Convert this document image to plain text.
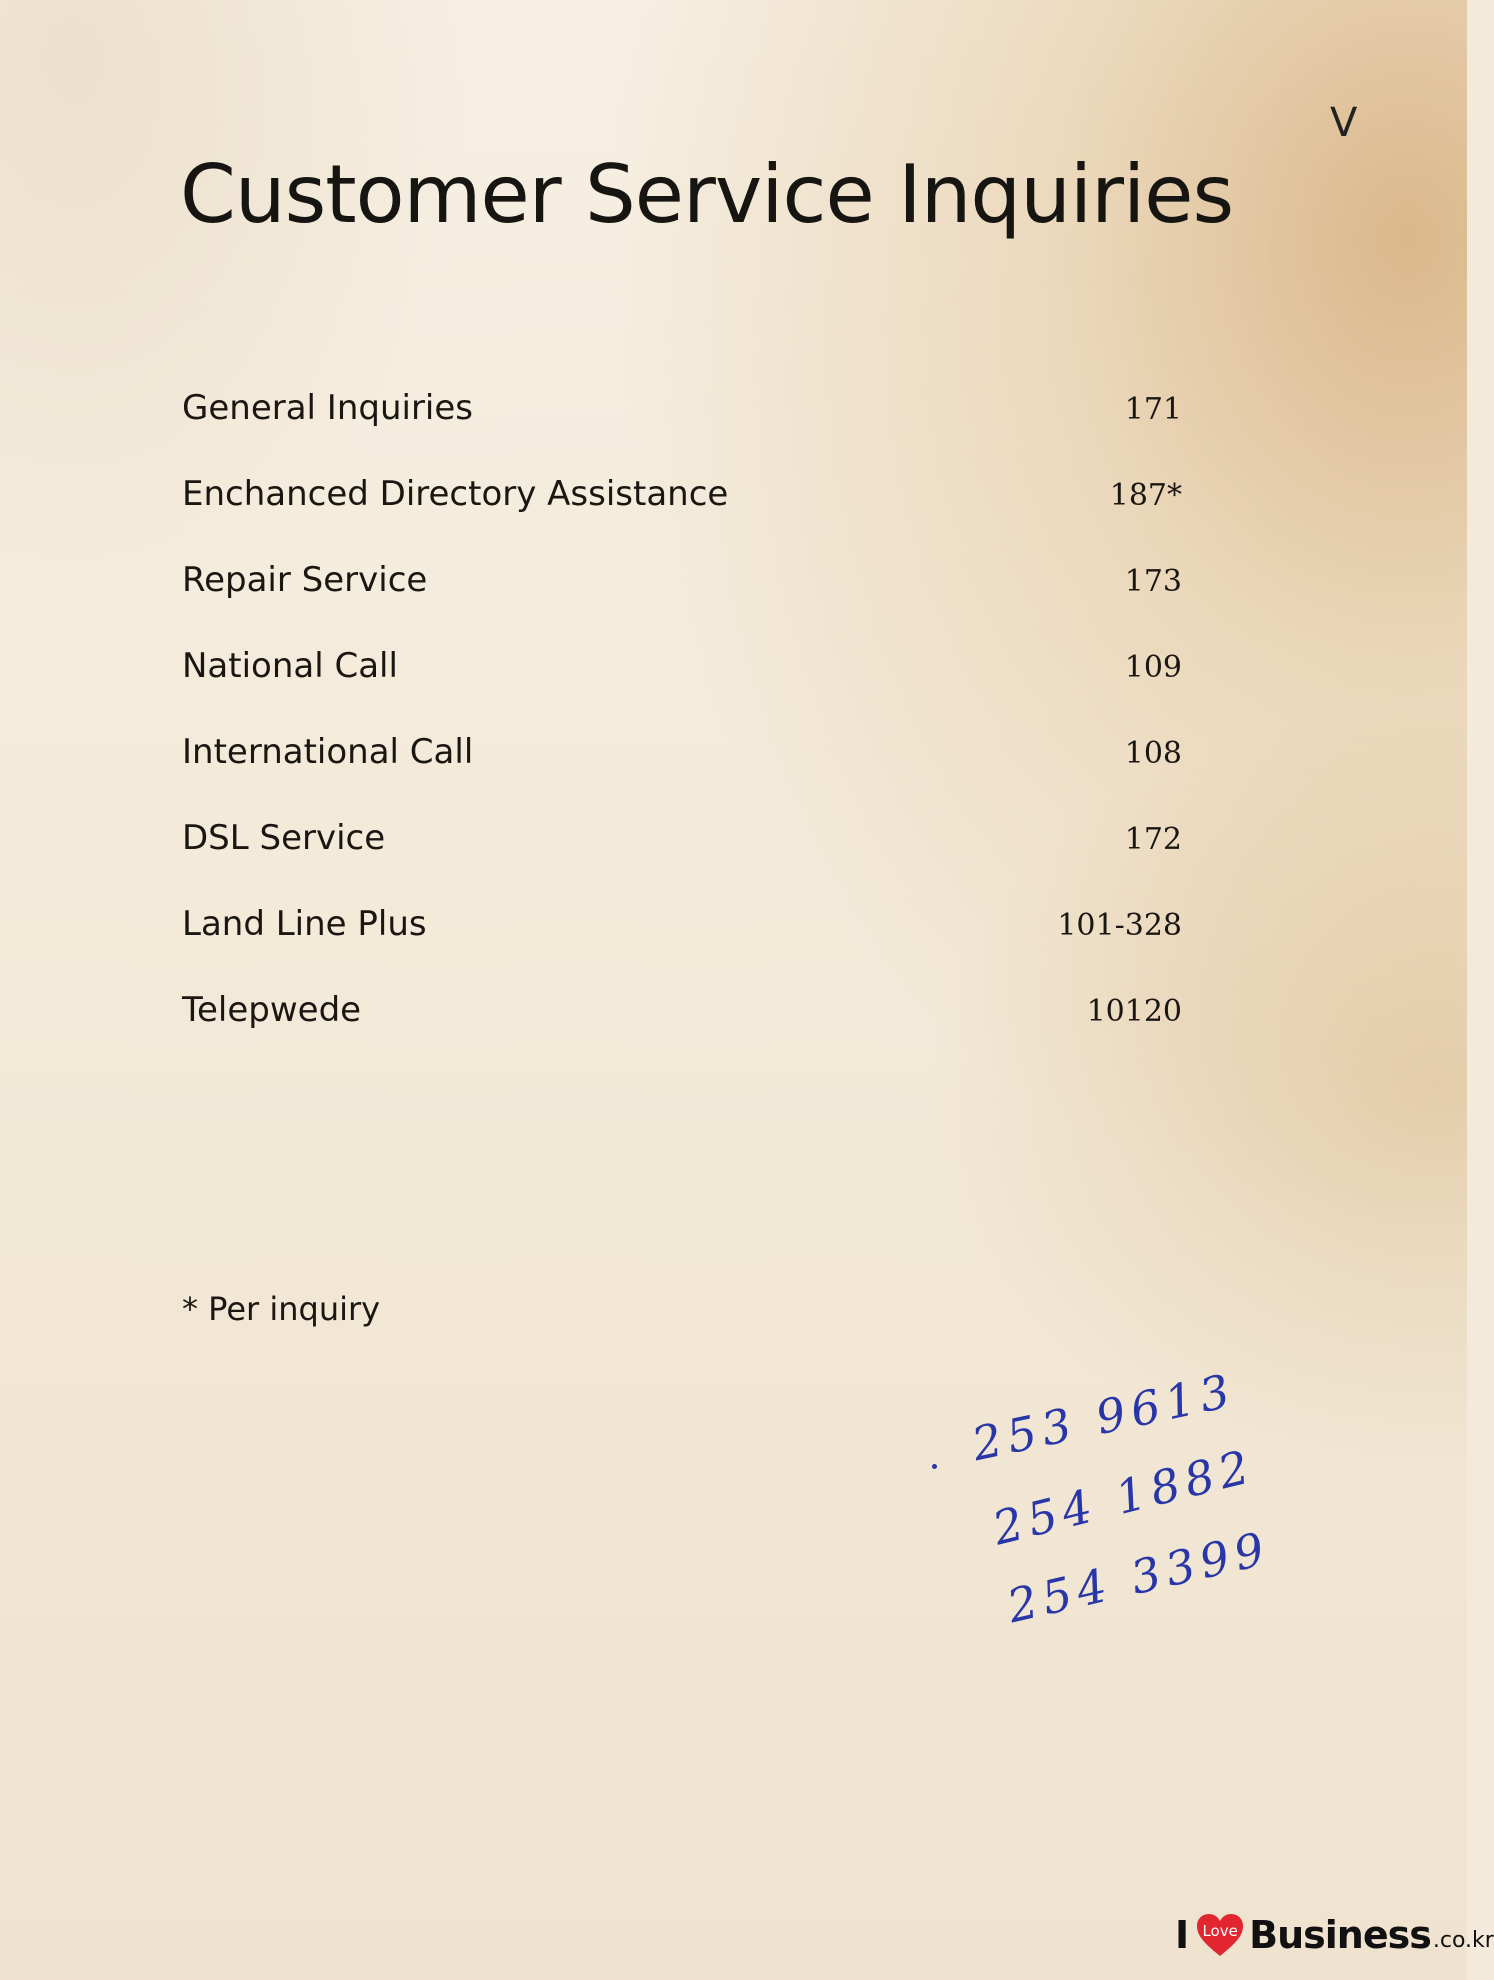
V
Customer Service Inquiries
General Inquiries	171
Enchanced Directory Assistance	187*
Repair Service	173
National Call	109
International Call	108
DSL Service	172
Land Line Plus	101-328
Telepwede	10120
* Per inquiry
253 9613
254 1882
254 3399
I Love Business .co.kr
